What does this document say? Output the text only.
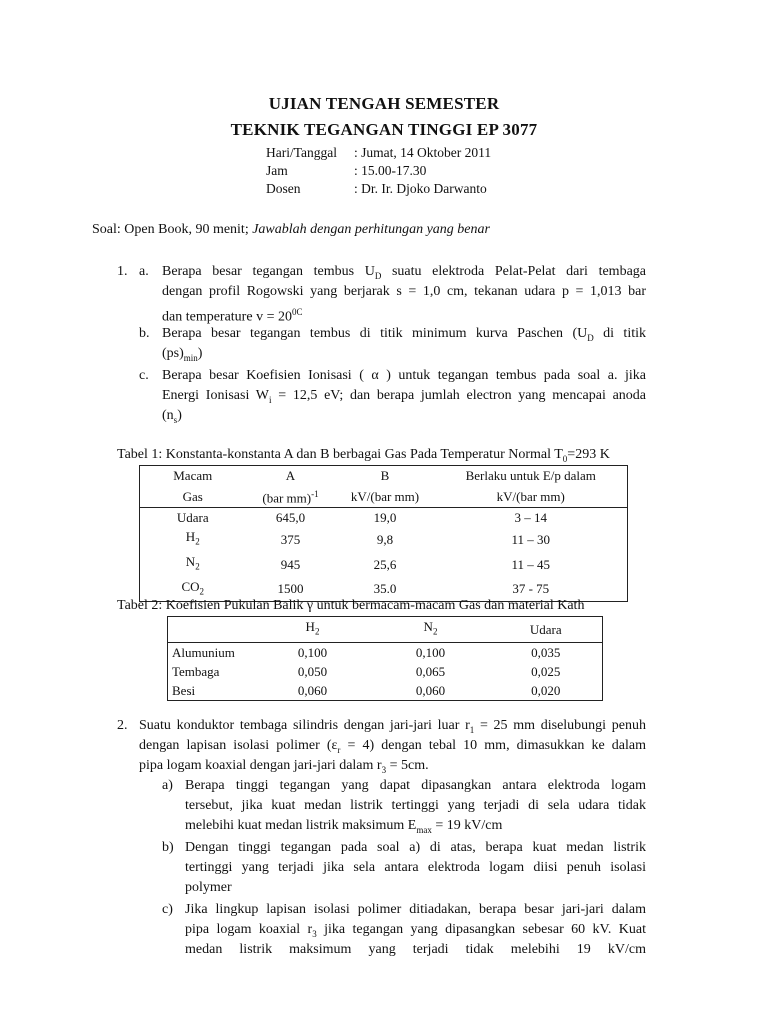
UJIAN TENGAH SEMESTER
TEKNIK TEGANGAN TINGGI EP 3077
Hari/Tanggal	: Jumat, 14 Oktober 2011
Jam	: 15.00-17.30
Dosen	: Dr. Ir. Djoko Darwanto
Soal: Open Book, 90 menit; Jawablah dengan perhitungan yang benar
1. a. Berapa besar tegangan tembus $U_D$ suatu elektroda Pelat-Pelat dari tembaga
dengan profil Rogowski yang berjarak s = 1,0 cm, tekanan udara p = 1,013 bar
dan temperature $v = 20^{0C}$
b. Berapa besar tegangan tembus di titik minimum kurva Paschen ($U_D$ di titik
$(ps)_{min}$)
c. Berapa besar Koefisien Ionisasi ( α ) untuk tegangan tembus pada soal a. jika
Energi Ionisasi $W_i = 12,5$ eV; dan berapa jumlah electron yang mencapai anoda
$(n_s)$
Tabel 1: Konstanta-konstanta A dan B berbagai Gas Pada Temperatur Normal $T_0=293$ K
Macam	A	B	Berlaku untuk E/p dalam
Gas	(bar mm)$^{-1}$	kV/(bar mm)	kV/(bar mm)
Udara	645,0	19,0	3 – 14
$H_2$	375	9,8	11 – 30
$N_2$	945	25,6	11 – 45
$CO_2$	1500	35.0	37 - 75
Tabel 2: Koefisien Pukulan Balik γ untuk bermacam-macam Gas dan material Kath
	$H_2$	$N_2$	Udara
Alumunium	0,100	0,100	0,035
Tembaga	0,050	0,065	0,025
Besi	0,060	0,060	0,020
2. Suatu konduktor tembaga silindris dengan jari-jari luar $r_1 = 25$ mm diselubungi penuh
dengan lapisan isolasi polimer $(\varepsilon_r = 4)$ dengan tebal 10 mm, dimasukkan ke dalam
pipa logam koaxial dengan jari-jari dalam $r_3 = 5cm$.
a) Berapa tinggi tegangan yang dapat dipasangkan antara elektroda logam
tersebut, jika kuat medan listrik tertinggi yang terjadi di sela udara tidak
melebihi kuat medan listrik maksimum $E_{max} = 19$ kV/cm
b) Dengan tinggi tegangan pada soal a) di atas, berapa kuat medan listrik
tertinggi yang terjadi jika sela antara elektroda logam diisi penuh isolasi
polymer
c) Jika lingkup lapisan isolasi polimer ditiadakan, berapa besar jari-jari dalam
pipa logam koaxial $r_3$ jika tegangan yang dipasangkan sebesar 60 kV. Kuat
medan listrik maksimum yang terjadi tidak melebihi 19 kV/cm
